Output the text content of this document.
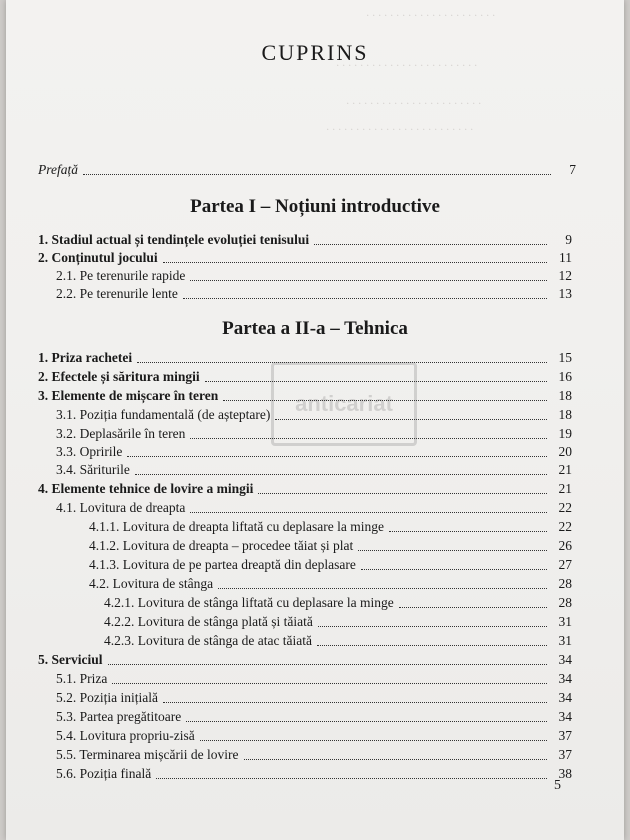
· · · · · · · · · · · · · · · · · · · · · ·
· · · · · · · · · · · · · · · · · · · · · · · ·
· · · · · · · · · · · · · · · · · · · · · · ·
· · · · · · · · · · · · · · · · · · · · · · · · ·
CUPRINS
Prefață	7
Partea I – Noțiuni introductive
1. Stadiul actual și tendințele evoluției tenisului	9
2. Conținutul jocului	11
2.1. Pe terenurile rapide	12
2.2. Pe terenurile lente	13
Partea a II-a – Tehnica
anticariat
1. Priza rachetei	15
2. Efectele și săritura mingii	16
3. Elemente de mișcare în teren	18
3.1. Poziția fundamentală (de așteptare)	18
3.2. Deplasările în teren	19
3.3. Opririle	20
3.4. Săriturile	21
4. Elemente tehnice de lovire a mingii	21
4.1. Lovitura de dreapta	22
4.1.1. Lovitura de dreapta liftată cu deplasare la minge	22
4.1.2. Lovitura de dreapta – procedee tăiat și plat	26
4.1.3. Lovitura de pe partea dreaptă din deplasare	27
4.2. Lovitura de stânga	28
4.2.1. Lovitura de stânga liftată cu deplasare la minge	28
4.2.2. Lovitura de stânga plată și tăiată	31
4.2.3. Lovitura de stânga de atac tăiată	31
5. Serviciul	34
5.1. Priza	34
5.2. Poziția inițială	34
5.3. Partea pregătitoare	34
5.4. Lovitura propriu-zisă	37
5.5. Terminarea mișcării de lovire	37
5.6. Poziția finală	38
5
